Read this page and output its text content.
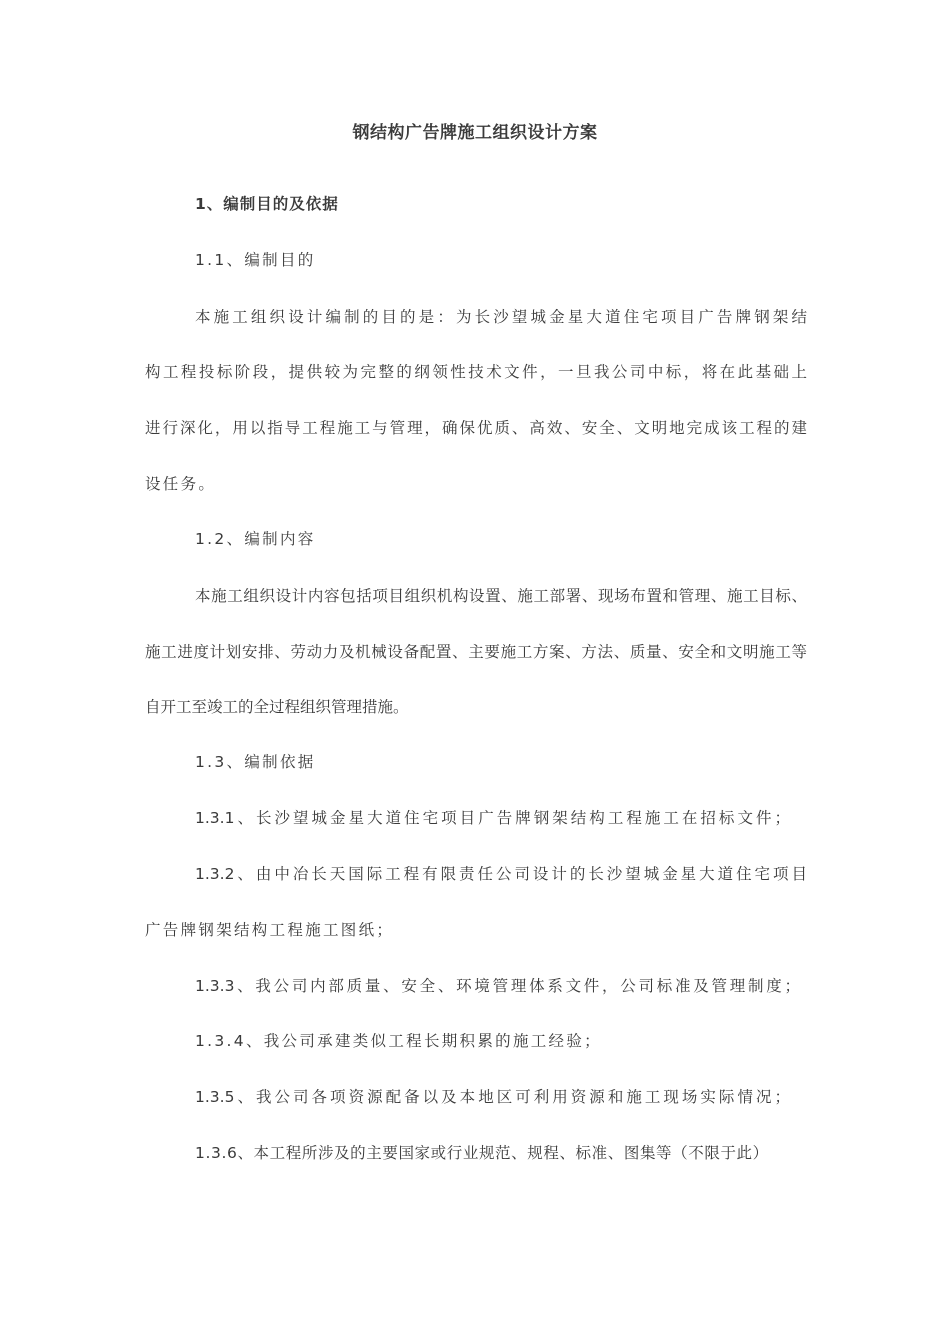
钢结构广告牌施工组织设计方案
1、编制目的及依据
1.1、编制目的
本施工组织设计编制的目的是：为长沙望城金星大道住宅项目广告牌钢架结
构工程投标阶段，提供较为完整的纲领性技术文件，一旦我公司中标，将在此基础上
进行深化，用以指导工程施工与管理，确保优质、高效、安全、文明地完成该工程的建
设任务。
1.2、编制内容
本施工组织设计内容包括项目组织机构设置、施工部署、现场布置和管理、施工目标、
施工进度计划安排、劳动力及机械设备配置、主要施工方案、方法、质量、安全和文明施工等
自开工至竣工的全过程组织管理措施。
1.3、编制依据
1.3.1、长沙望城金星大道住宅项目广告牌钢架结构工程施工在招标文件；
1.3.2、由中冶长天国际工程有限责任公司设计的长沙望城金星大道住宅项目
广告牌钢架结构工程施工图纸；
1.3.3、我公司内部质量、安全、环境管理体系文件，公司标准及管理制度；
1.3.4、我公司承建类似工程长期积累的施工经验；
1.3.5、我公司各项资源配备以及本地区可利用资源和施工现场实际情况；
1.3.6、本工程所涉及的主要国家或行业规范、规程、标准、图集等（不限于此）
